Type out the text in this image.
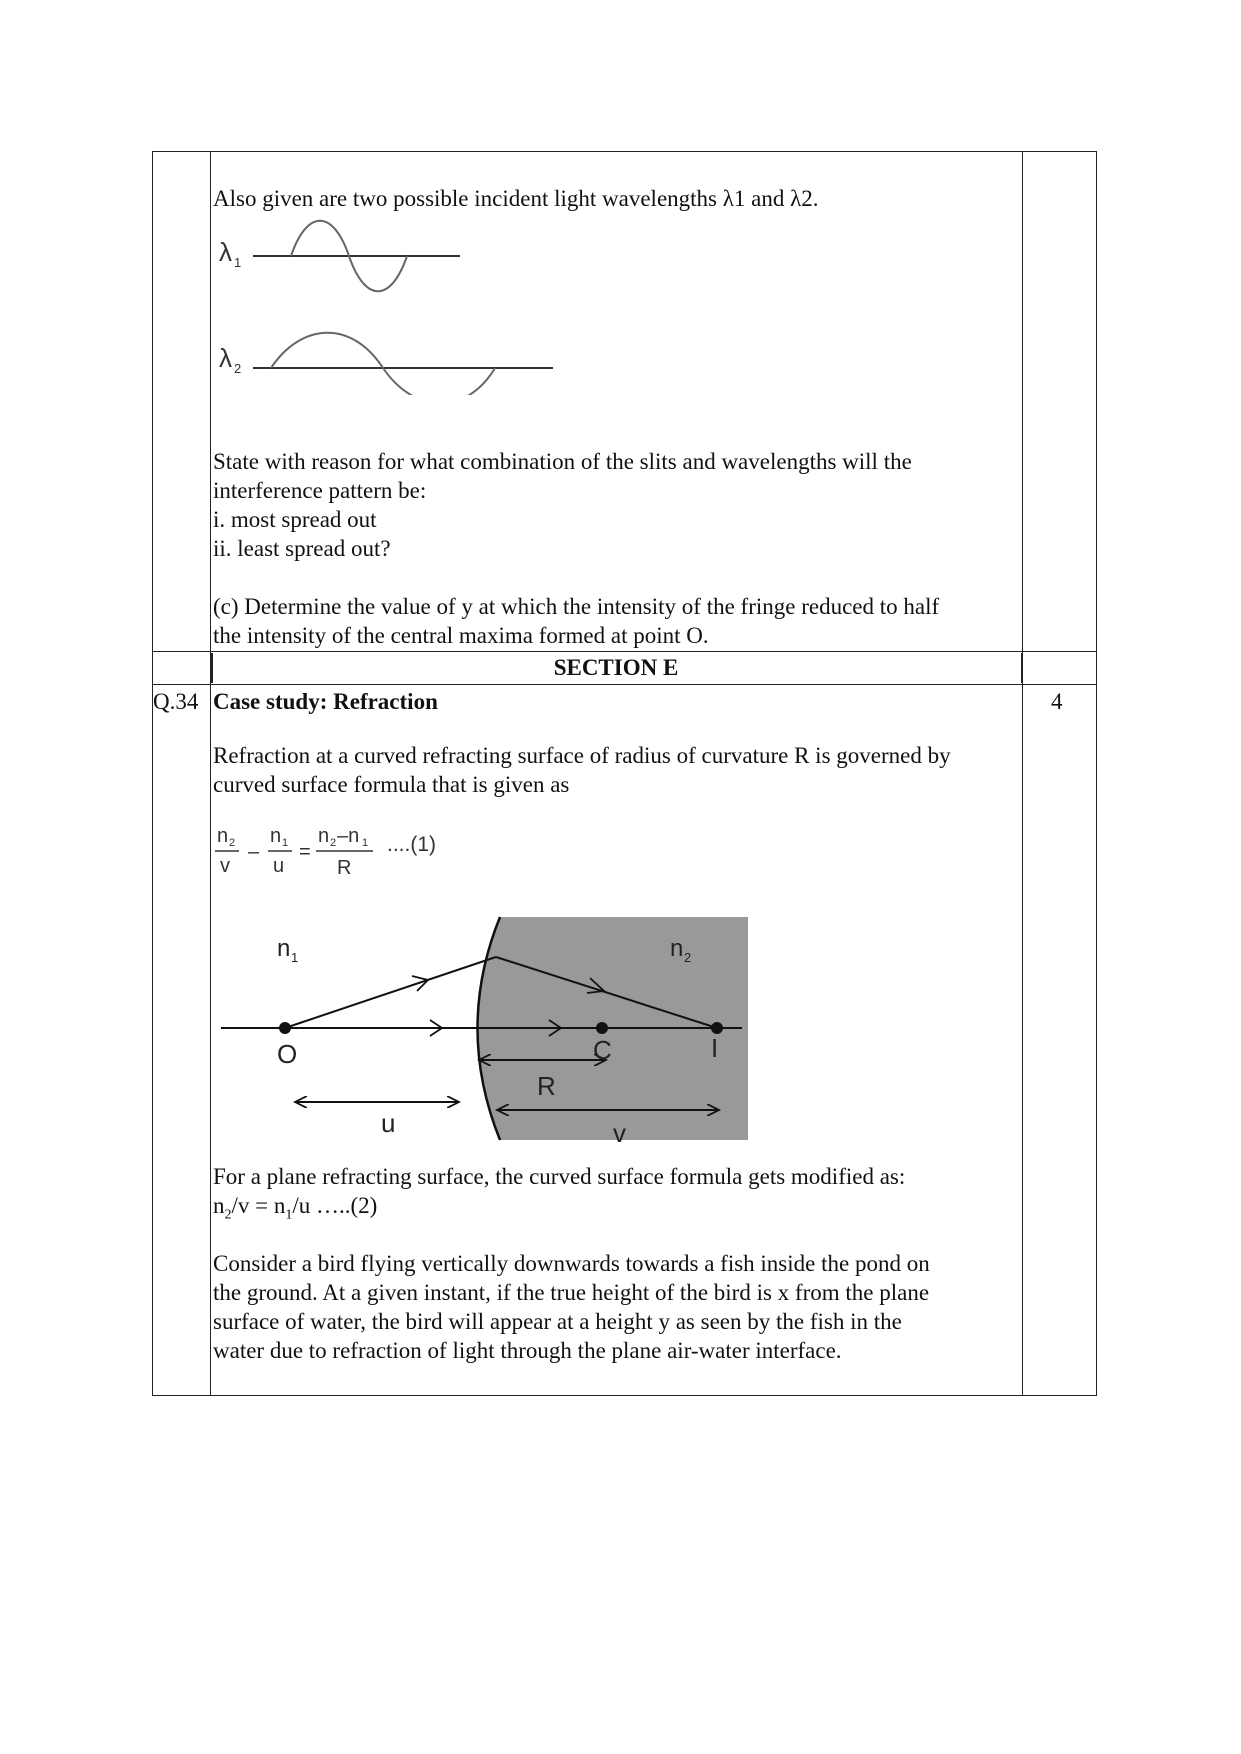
Also given are two possible incident light wavelengths λ1 and λ2.
λ 1
λ 2
State with reason for what combination of the slits and wavelengths will the
interference pattern be:
i. most spread out
ii. least spread out?
(c) Determine the value of y at which the intensity of the fringe reduced to half
the intensity of the central maxima formed at point O.
SECTION E
Q.34 Case study: Refraction	4
Refraction at a curved refracting surface of radius of curvature R is governed by
curved surface formula that is given as
n 2
v
–
n 1
u
=
n 2 –n 1
R
....(1)
n 1	n 2
O	C	I
R
u	v
For a plane refracting surface, the curved surface formula gets modified as:
$n_2/v = n_1/u$ …..(2)
Consider a bird flying vertically downwards towards a fish inside the pond on
the ground. At a given instant, if the true height of the bird is x from the plane
surface of water, the bird will appear at a height y as seen by the fish in the
water due to refraction of light through the plane air-water interface.
